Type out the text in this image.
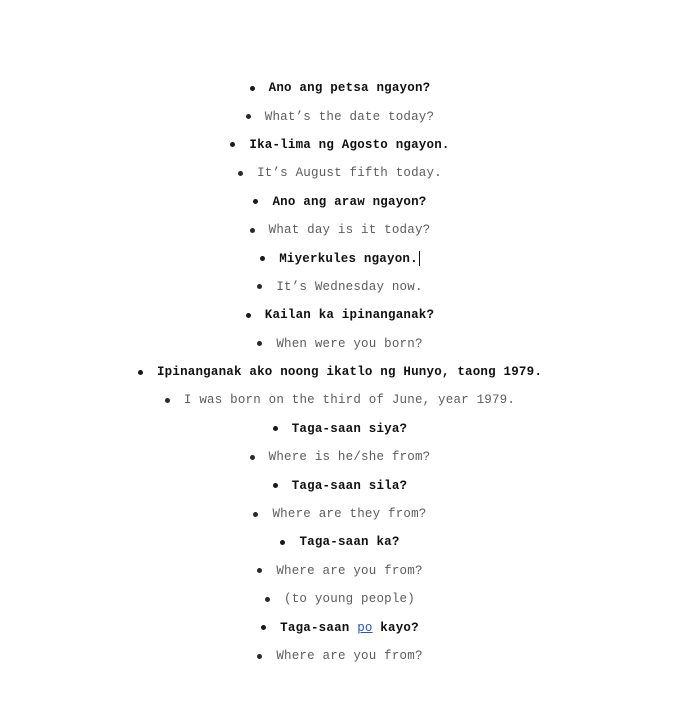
Ano ang petsa ngayon?
What’s the date today?
Ika-lima ng Agosto ngayon.
It’s August fifth today.
Ano ang araw ngayon?
What day is it today?
Miyerkules ngayon.
It’s Wednesday now.
Kailan ka ipinanganak?
When were you born?
Ipinanganak ako noong ikatlo ng Hunyo, taong 1979.
I was born on the third of June, year 1979.
Taga-saan siya?
Where is he/she from?
Taga-saan sila?
Where are they from?
Taga-saan ka?
Where are you from?
(to young people)
Taga-saan po kayo?
Where are you from?
